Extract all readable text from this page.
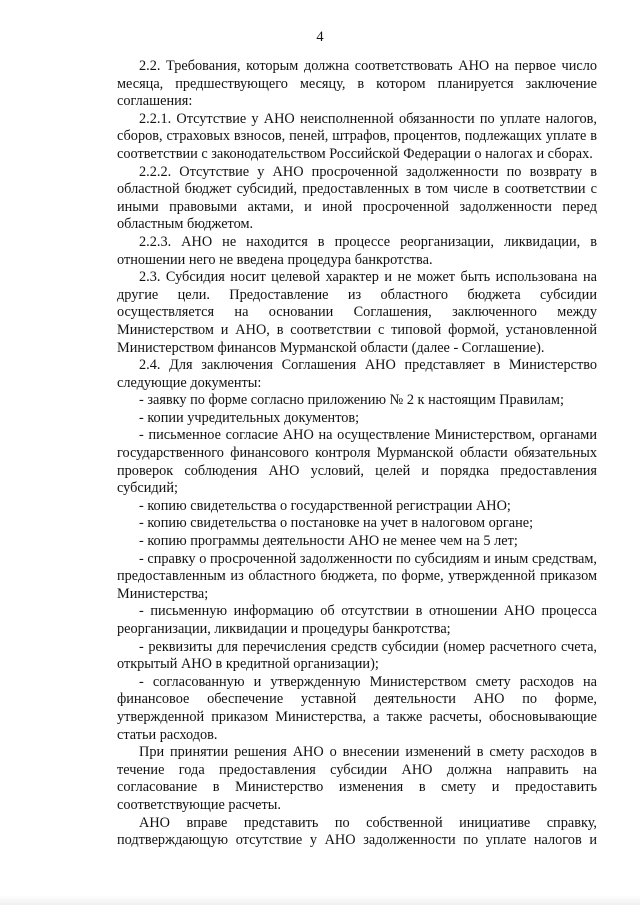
4

2.2. Требования, которым должна соответствовать АНО на первое число месяца, предшествующего месяцу, в котором планируется заключение соглашения:

2.2.1. Отсутствие у АНО неисполненной обязанности по уплате налогов, сборов, страховых взносов, пеней, штрафов, процентов, подлежащих уплате в соответствии с законодательством Российской Федерации о налогах и сборах.

2.2.2. Отсутствие у АНО просроченной задолженности по возврату в областной бюджет субсидий, предоставленных в том числе в соответствии с иными правовыми актами, и иной просроченной задолженности перед областным бюджетом.

2.2.3. АНО не находится в процессе реорганизации, ликвидации, в отношении него не введена процедура банкротства.

2.3. Субсидия носит целевой характер и не может быть использована на другие цели. Предоставление из областного бюджета субсидии осуществляется на основании Соглашения, заключенного между Министерством и АНО, в соответствии с типовой формой, установленной Министерством финансов Мурманской области (далее - Соглашение).

2.4. Для заключения Соглашения АНО представляет в Министерство следующие документы:

- заявку по форме согласно приложению № 2 к настоящим Правилам;

- копии учредительных документов;

- письменное согласие АНО на осуществление Министерством, органами государственного финансового контроля Мурманской области обязательных проверок соблюдения АНО условий, целей и порядка предоставления субсидий;

- копию свидетельства о государственной регистрации АНО;

- копию свидетельства о постановке на учет в налоговом органе;

- копию программы деятельности АНО не менее чем на 5 лет;

- справку о просроченной задолженности по субсидиям и иным средствам, предоставленным из областного бюджета, по форме, утвержденной приказом Министерства;

- письменную информацию об отсутствии в отношении АНО процесса реорганизации, ликвидации и процедуры банкротства;

- реквизиты для перечисления средств субсидии (номер расчетного счета, открытый АНО в кредитной организации);

- согласованную и утвержденную Министерством смету расходов на финансовое обеспечение уставной деятельности АНО по форме, утвержденной приказом Министерства, а также расчеты, обосновывающие статьи расходов.

При принятии решения АНО о внесении изменений в смету расходов в течение года предоставления субсидии АНО должна направить на согласование в Министерство изменения в смету и предоставить соответствующие расчеты.

АНО вправе представить по собственной инициативе справку, подтверждающую отсутствие у АНО задолженности по уплате налогов и
